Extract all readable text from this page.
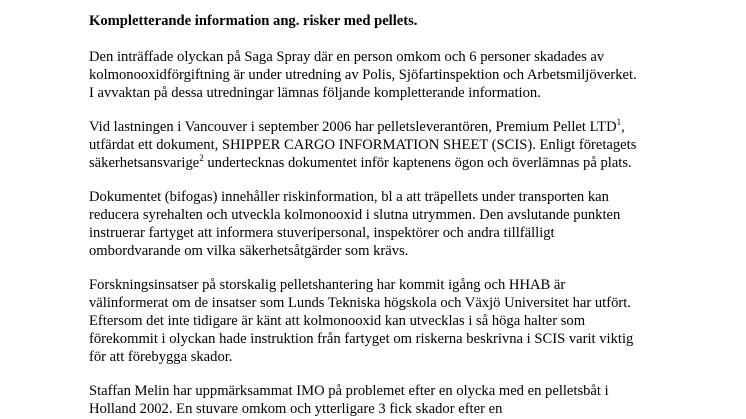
Kompletterande information ang. risker med pellets.

Den inträffade olyckan på Saga Spray där en person omkom och 6 personer skadades av
kolmonooxidförgiftning är under utredning av Polis, Sjöfartinspektion och Arbetsmiljöverket.
I avvaktan på dessa utredningar lämnas följande kompletterande information.

Vid lastningen i Vancouver i september 2006 har pelletsleverantören, Premium Pellet LTD$^1$,
utfärdat ett dokument, SHIPPER CARGO INFORMATION SHEET (SCIS). Enligt företagets
säkerhetsansvarige$^2$ undertecknas dokumentet inför kaptenens ögon och överlämnas på plats.

Dokumentet (bifogas) innehåller riskinformation, bl a att träpellets under transporten kan
reducera syrehalten och utveckla kolmonooxid i slutna utrymmen. Den avslutande punkten
instruerar fartyget att informera stuveripersonal, inspektörer och andra tillfälligt
ombordvarande om vilka säkerhetsåtgärder som krävs.

Forskningsinsatser på storskalig pelletshantering har kommit igång och HHAB är
välinformerat om de insatser som Lunds Tekniska högskola och Växjö Universitet har utfört.
Eftersom det inte tidigare är känt att kolmonooxid kan utvecklas i så höga halter som
förekommit i olyckan hade instruktion från fartyget om riskerna beskrivna i SCIS varit viktig
för att förebygga skador.

Staffan Melin har uppmärksammat IMO på problemet efter en olycka med en pelletsbåt i
Holland 2002. En stuvare omkom och ytterligare 3 fick skador efter en
